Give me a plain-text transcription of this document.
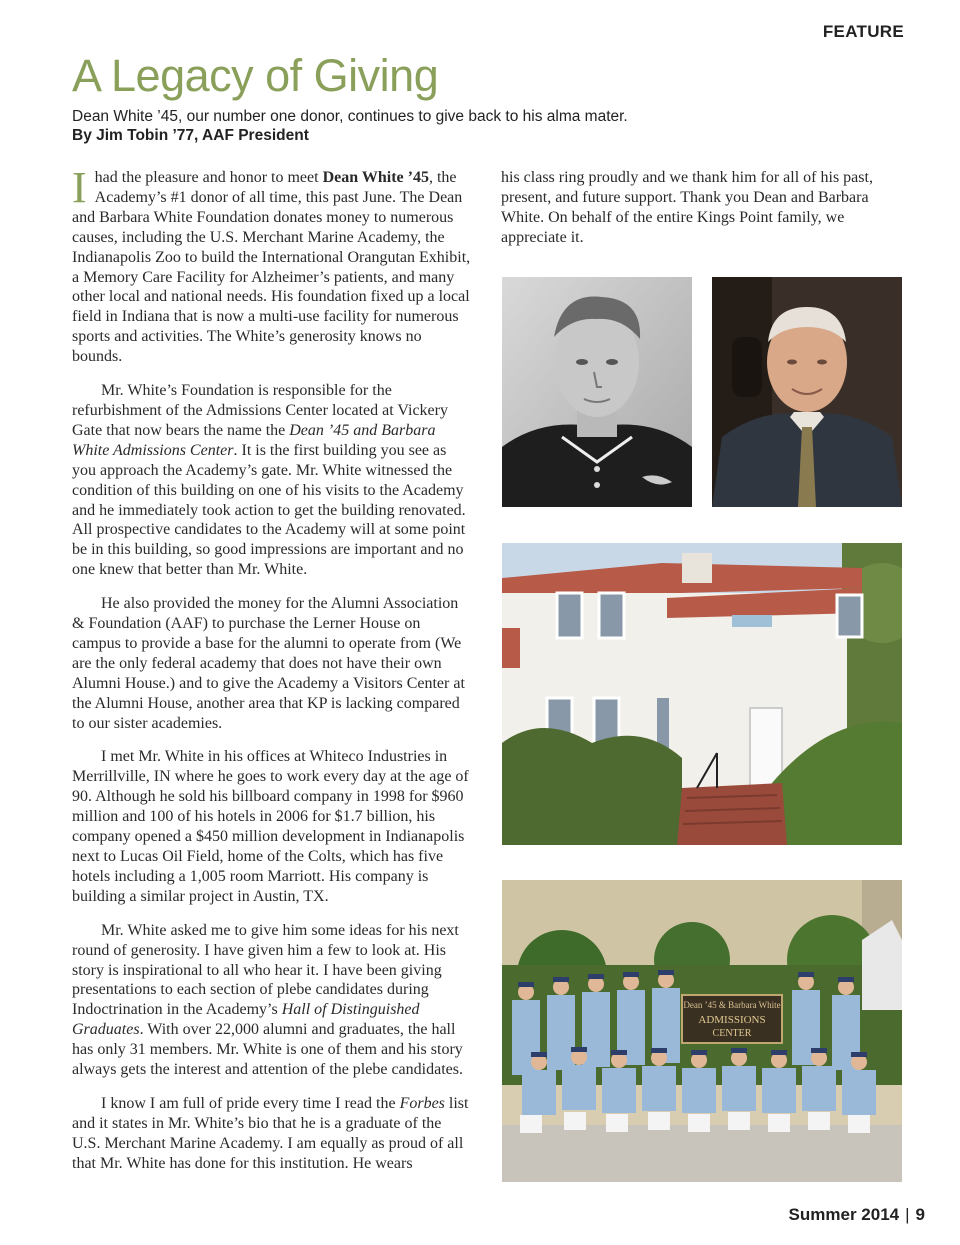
FEATURE
A Legacy of Giving

Dean White ’45, our number one donor, continues to give back to his alma mater.

By Jim Tobin ’77, AAF President

I had the pleasure and honor to meet Dean White ’45, the Academy’s #1 donor of all time, this past June. The Dean and Barbara White Foundation donates money to numerous causes, including the U.S. Merchant Marine Academy, the Indianapolis Zoo to build the International Orangutan Exhibit, a Memory Care Facility for Alzheimer’s patients, and many other local and national needs. His foundation fixed up a local field in Indiana that is now a multi-use facility for numerous sports and activities. The White’s generosity knows no bounds.

Mr. White’s Foundation is responsible for the refurbishment of the Admissions Center located at Vickery Gate that now bears the name the Dean ’45 and Barbara White Admissions Center. It is the first building you see as you approach the Academy’s gate. Mr. White witnessed the condition of this building on one of his visits to the Academy and he immediately took action to get the building renovated. All prospective candidates to the Academy will at some point be in this building, so good impressions are important and no one knew that better than Mr. White.

He also provided the money for the Alumni Association & Foundation (AAF) to purchase the Lerner House on campus to provide a base for the alumni to operate from (We are the only federal academy that does not have their own Alumni House.) and to give the Academy a Visitors Center at the Alumni House, another area that KP is lacking compared to our sister academies.

I met Mr. White in his offices at Whiteco Industries in Merrillville, IN where he goes to work every day at the age of 90. Although he sold his billboard company in 1998 for $960 million and 100 of his hotels in 2006 for $1.7 billion, his company opened a $450 million development in Indianapolis next to Lucas Oil Field, home of the Colts, which has five hotels including a 1,005 room Marriott. His company is building a similar project in Austin, TX.

Mr. White asked me to give him some ideas for his next round of generosity. I have given him a few to look at. His story is inspirational to all who hear it. I have been giving presentations to each section of plebe candidates during Indoctrination in the Academy’s Hall of Distinguished Graduates. With over 22,000 alumni and graduates, the hall has only 31 members. Mr. White is one of them and his story always gets the interest and attention of the plebe candidates.

I know I am full of pride every time I read the Forbes list and it states in Mr. White’s bio that he is a graduate of the U.S. Merchant Marine Academy. I am equally as proud of all that Mr. White has done for this institution. He wears

his class ring proudly and we thank him for all of his past, present, and future support. Thank you Dean and Barbara White. On behalf of the entire Kings Point family, we appreciate it.

Dean ’45 & Barbara White
ADMISSIONS
CENTER
Summer 2014 | 9
